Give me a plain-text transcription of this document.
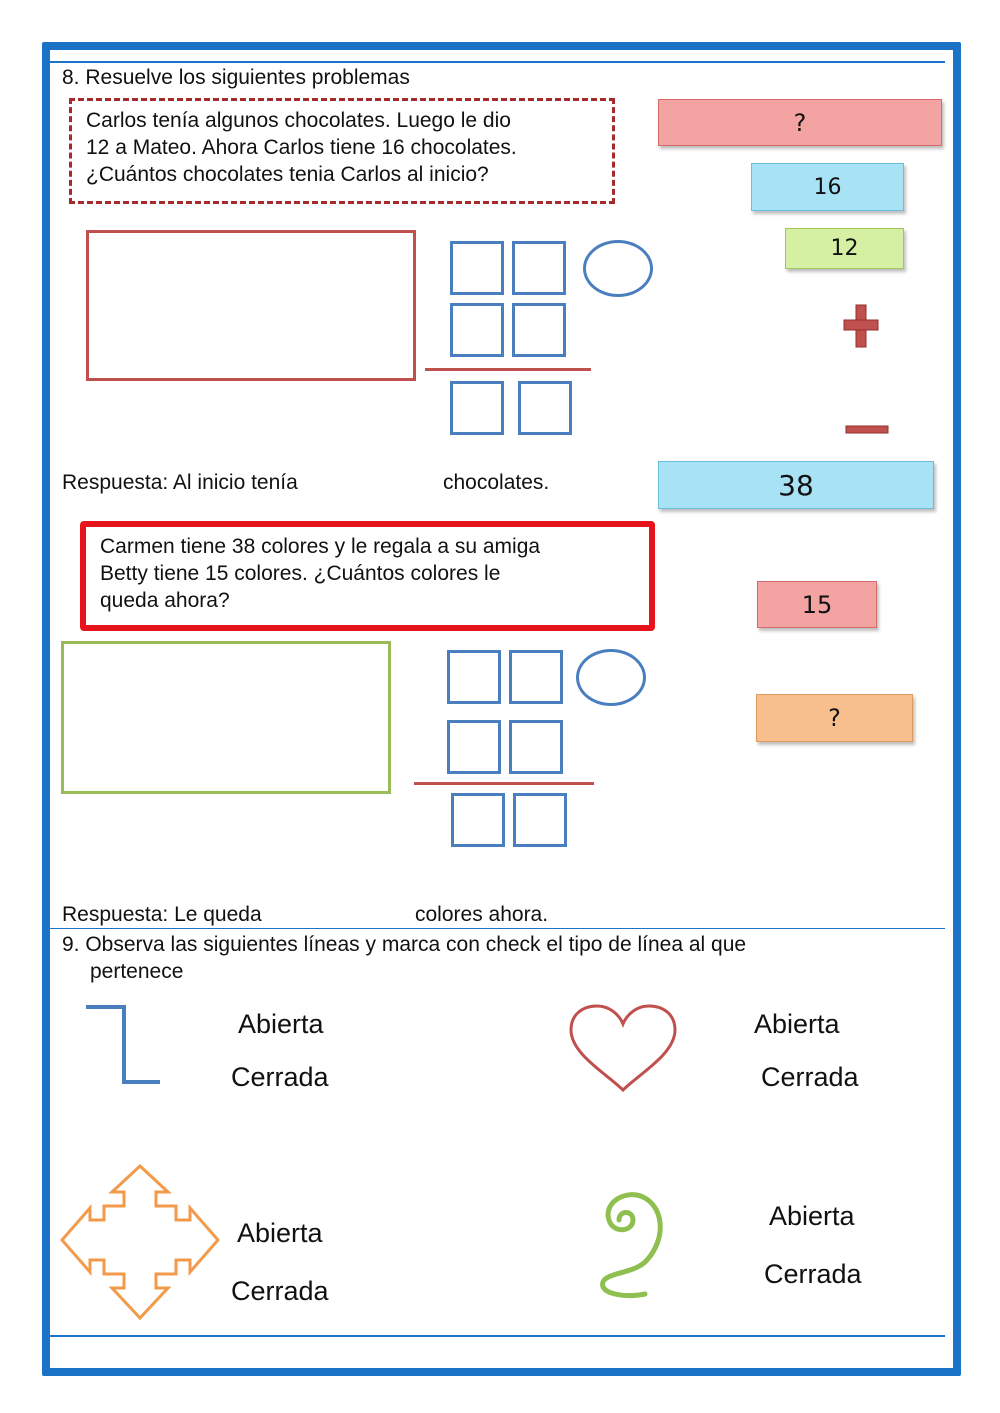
8. Resuelve los siguientes problemas
Carlos tenía algunos chocolates. Luego le dio
12 a Mateo. Ahora Carlos tiene 16 chocolates.
¿Cuántos chocolates tenia Carlos al inicio?
?
16
12
Respuesta: Al inicio tenía	chocolates.	38
Carmen tiene 38 colores y le regala a su amiga
Betty tiene 15 colores. ¿Cuántos colores le
queda ahora?	15
?
Respuesta: Le queda	colores ahora.
9. Observa las siguientes líneas y marca con check el tipo de línea al que
pertenece
Abierta
Cerrada
Abierta
Cerrada
Abierta
Cerrada
Abierta
Cerrada
